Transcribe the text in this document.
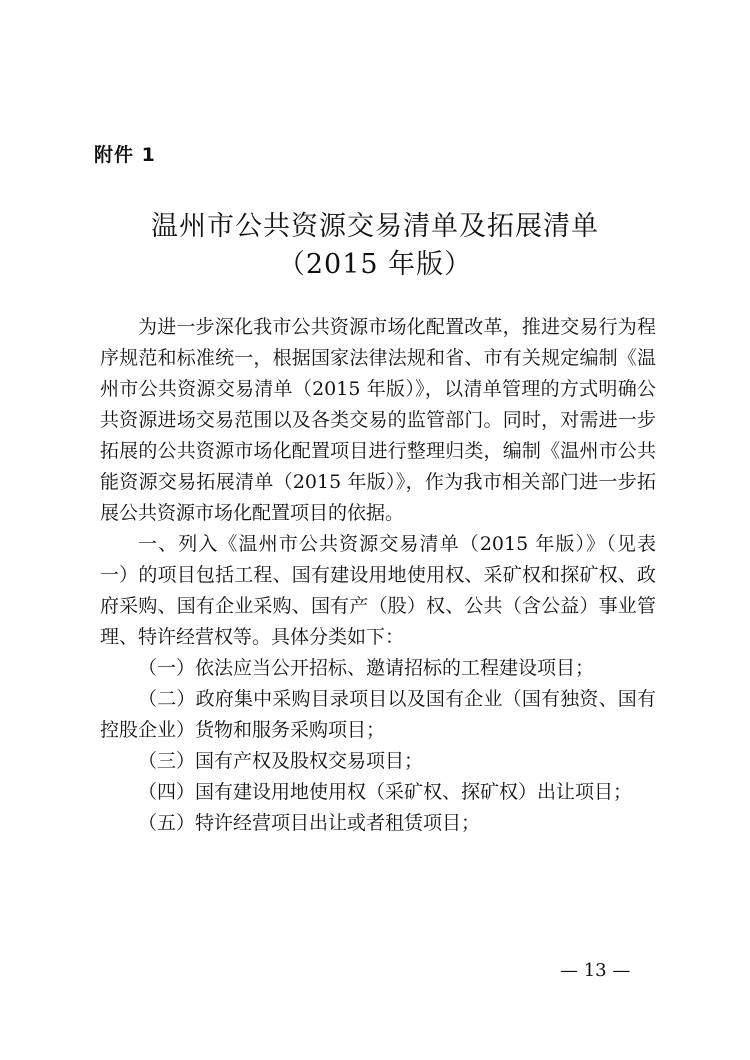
附件 1
温州市公共资源交易清单及拓展清单
（2015 年版）

为进一步深化我市公共资源市场化配置改革，推进交易行为程序规范和标准统一，根据国家法律法规和省、市有关规定编制《温州市公共资源交易清单（2015 年版）》，以清单管理的方式明确公共资源进场交易范围以及各类交易的监管部门。同时，对需进一步拓展的公共资源市场化配置项目进行整理归类，编制《温州市公共能资源交易拓展清单（2015 年版）》，作为我市相关部门进一步拓展公共资源市场化配置项目的依据。

一、列入《温州市公共资源交易清单（2015 年版）》（见表一）的项目包括工程、国有建设用地使用权、采矿权和探矿权、政府采购、国有企业采购、国有产（股）权、公共（含公益）事业管理、特许经营权等。具体分类如下：

（一）依法应当公开招标、邀请招标的工程建设项目；

（二）政府集中采购目录项目以及国有企业（国有独资、国有控股企业）货物和服务采购项目；

（三）国有产权及股权交易项目；

（四）国有建设用地使用权（采矿权、探矿权）出让项目；

（五）特许经营项目出让或者租赁项目；

— 13 —
